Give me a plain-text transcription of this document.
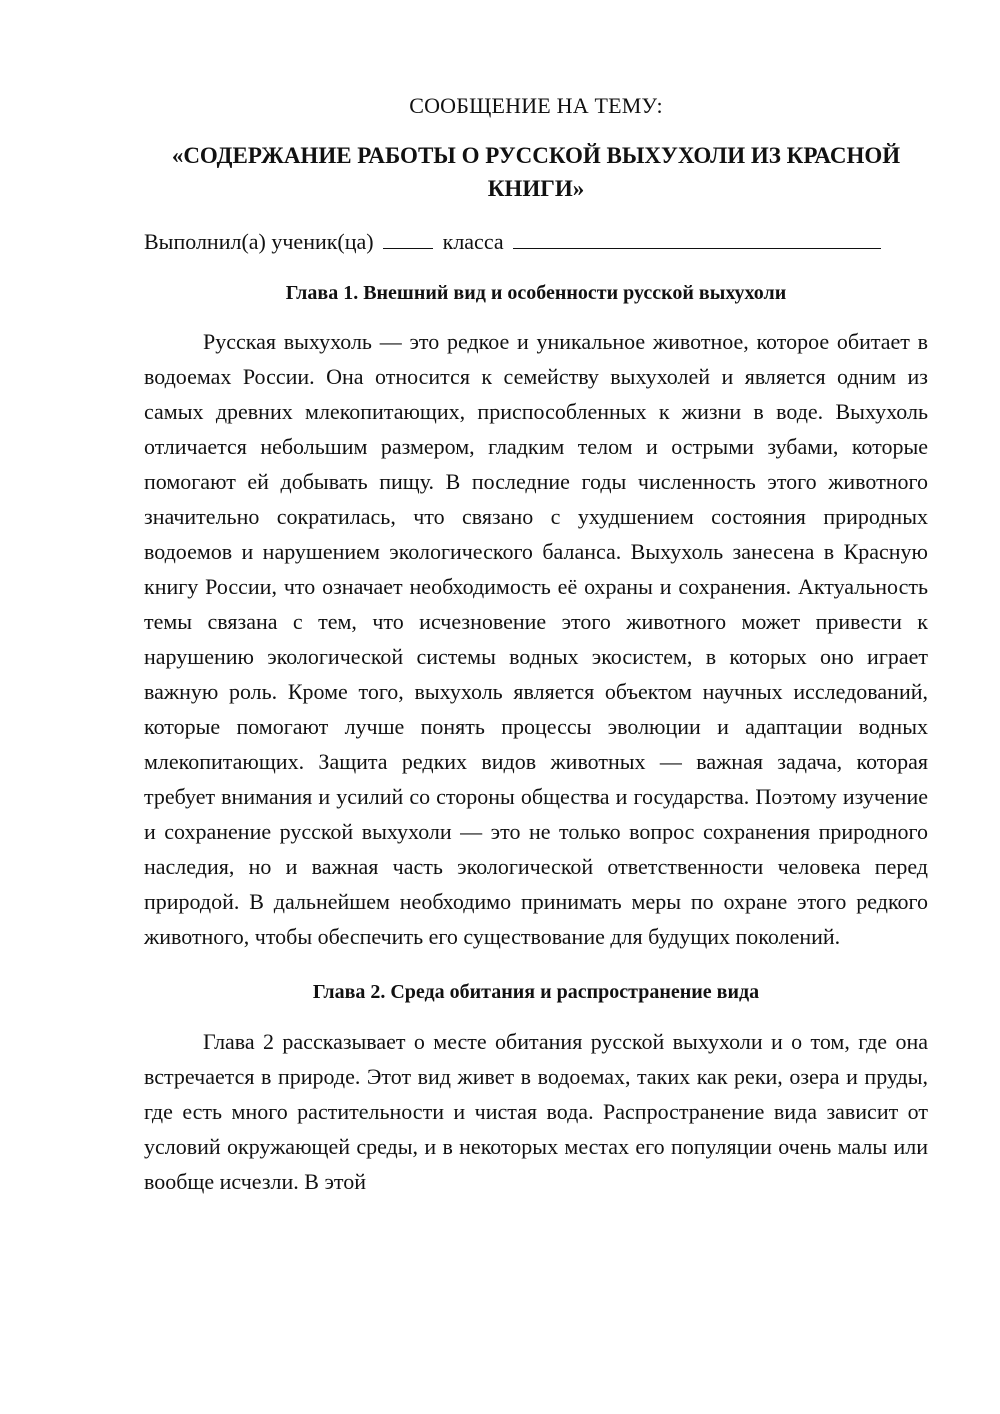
СООБЩЕНИЕ НА ТЕМУ:
«СОДЕРЖАНИЕ РАБОТЫ О РУССКОЙ ВЫХУХОЛИ ИЗ КРАСНОЙ КНИГИ»
Выполнил(а) ученик(ца)	класса
Глава 1. Внешний вид и особенности русской выхухоли

Русская выхухоль — это редкое и уникальное животное, которое обитает в водоемах России. Она относится к семейству выхухолей и является одним из самых древних млекопитающих, приспособленных к жизни в воде. Выхухоль отличается небольшим размером, гладким телом и острыми зубами, которые помогают ей добывать пищу. В последние годы численность этого животного значительно сократилась, что связано с ухудшением состояния природных водоемов и нарушением экологического баланса. Выхухоль занесена в Красную книгу России, что означает необходимость её охраны и сохранения. Актуальность темы связана с тем, что исчезновение этого животного может привести к нарушению экологической системы водных экосистем, в которых оно играет важную роль. Кроме того, выхухоль является объектом научных исследований, которые помогают лучше понять процессы эволюции и адаптации водных млекопитающих. Защита редких видов животных — важная задача, которая требует внимания и усилий со стороны общества и государства. Поэтому изучение и сохранение русской выхухоли — это не только вопрос сохранения природного наследия, но и важная часть экологической ответственности человека перед природой. В дальнейшем необходимо принимать меры по охране этого редкого животного, чтобы обеспечить его существование для будущих поколений.

Глава 2. Среда обитания и распространение вида

Глава 2 рассказывает о месте обитания русской выхухоли и о том, где она встречается в природе. Этот вид живет в водоемах, таких как реки, озера и пруды, где есть много растительности и чистая вода. Распространение вида зависит от условий окружающей среды, и в некоторых местах его популяции очень малы или вообще исчезли. В этой
